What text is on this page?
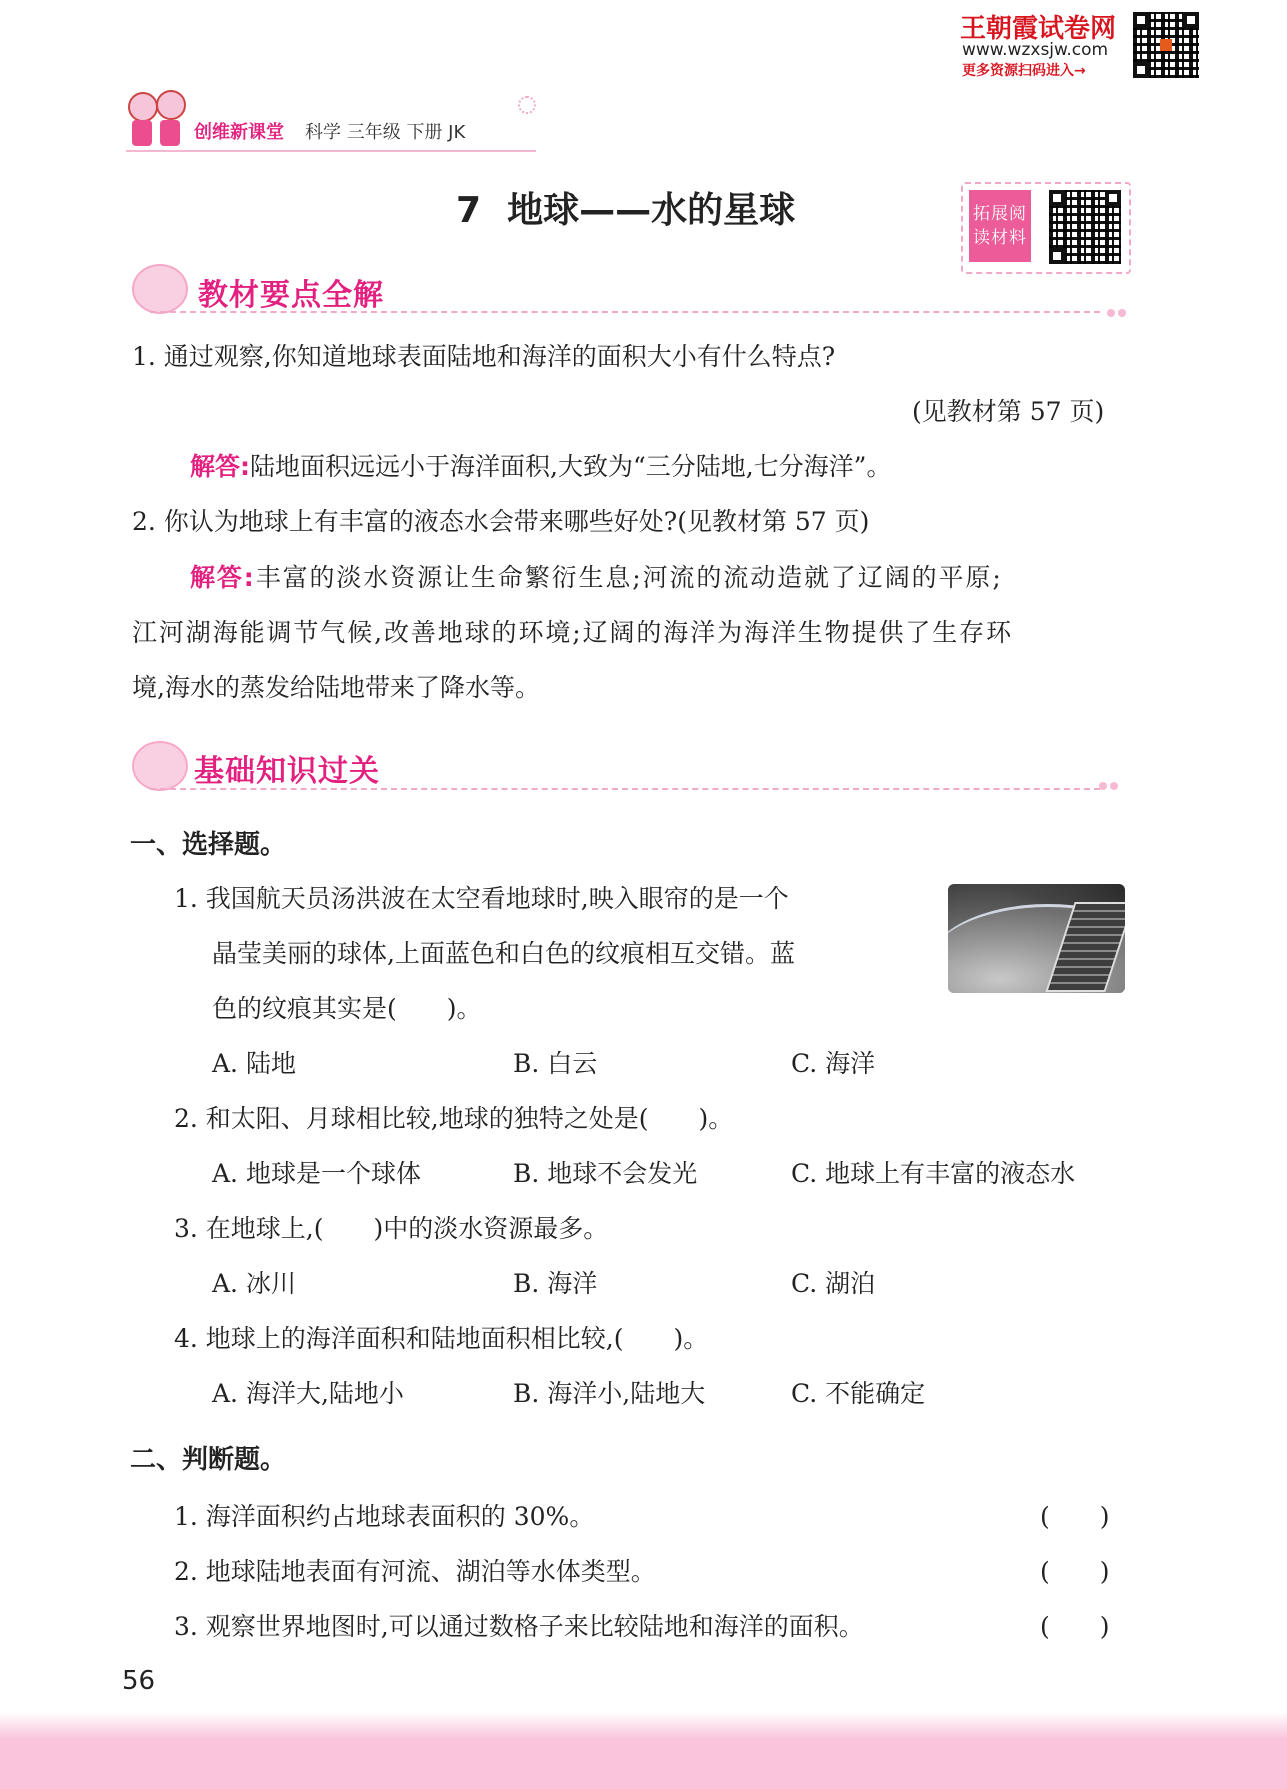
王朝霞试卷网
www.wzxsjw.com
更多资源扫码进入→
创维新课堂 科学 三年级 下册 JK
7 地球——水的星球	拓展阅读材料
教材要点全解
1. 通过观察,你知道地球表面陆地和海洋的面积大小有什么特点?
(见教材第 57 页)
解答:陆地面积远远小于海洋面积,大致为“三分陆地,七分海洋”。
2. 你认为地球上有丰富的液态水会带来哪些好处?(见教材第 57 页)
解答:丰富的淡水资源让生命繁衍生息;河流的流动造就了辽阔的平原;
江河湖海能调节气候,改善地球的环境;辽阔的海洋为海洋生物提供了生存环
境,海水的蒸发给陆地带来了降水等。
基础知识过关
一、选择题。
1. 我国航天员汤洪波在太空看地球时,映入眼帘的是一个
晶莹美丽的球体,上面蓝色和白色的纹痕相互交错。蓝
色的纹痕其实是(　　)。
A. 陆地	B. 白云	C. 海洋
2. 和太阳、月球相比较,地球的独特之处是(　　)。
A. 地球是一个球体	B. 地球不会发光	C. 地球上有丰富的液态水
3. 在地球上,(　　)中的淡水资源最多。
A. 冰川	B. 海洋	C. 湖泊
4. 地球上的海洋面积和陆地面积相比较,(　　)。
A. 海洋大,陆地小	B. 海洋小,陆地大	C. 不能确定
二、判断题。
1. 海洋面积约占地球表面积的 30%。	(　　)
2. 地球陆地表面有河流、湖泊等水体类型。	(　　)
3. 观察世界地图时,可以通过数格子来比较陆地和海洋的面积。	(　　)
56
